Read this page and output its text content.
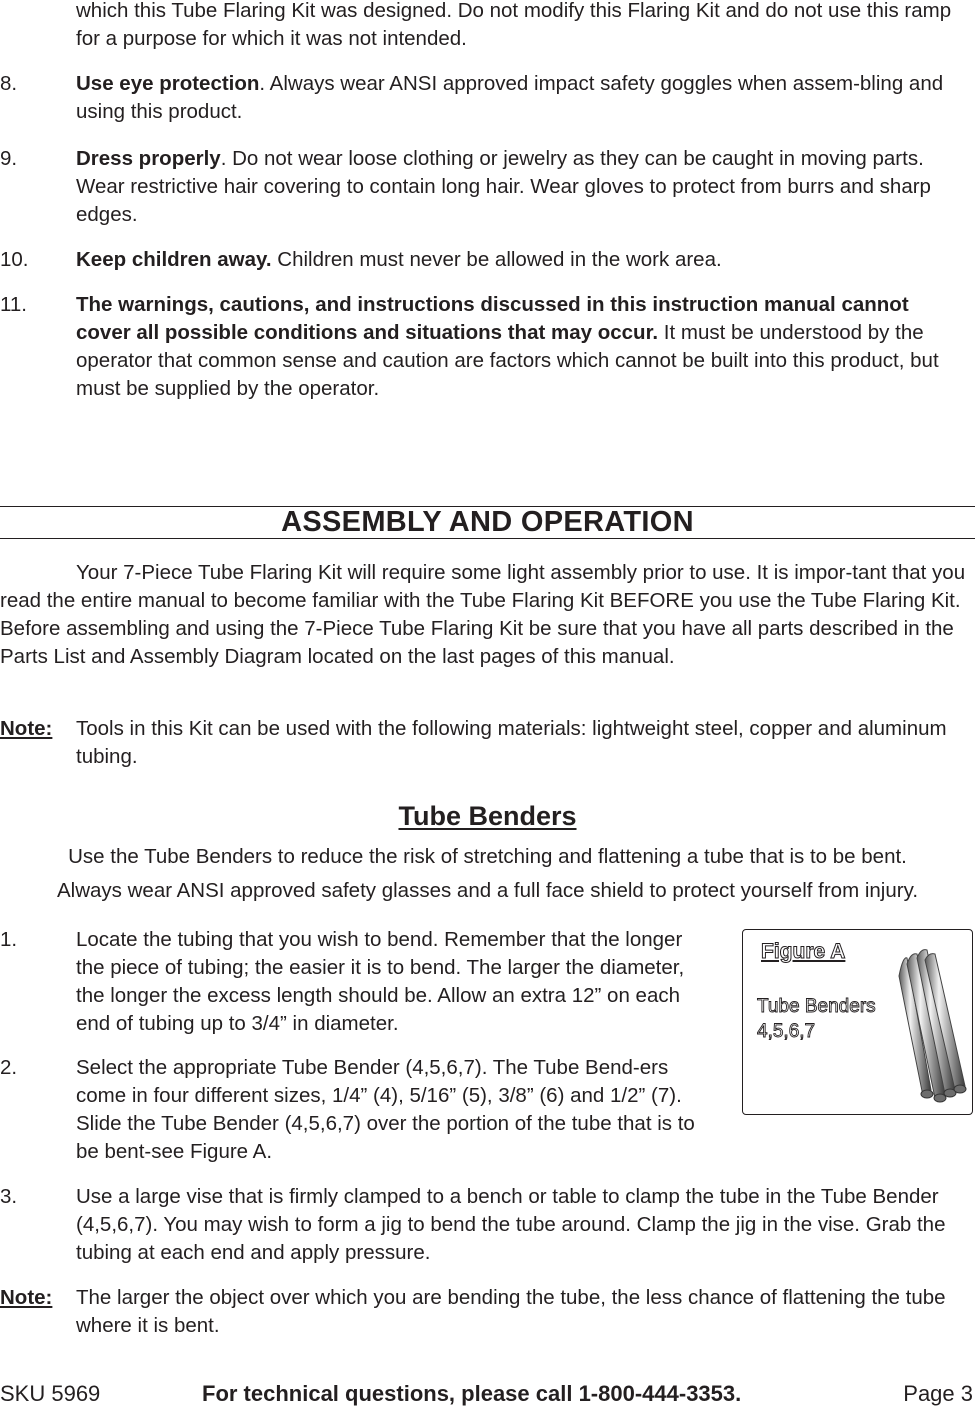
which this Tube Flaring Kit was designed. Do not modify this Flaring Kit and do not use this ramp for a purpose for which it was not intended.
8.	Use eye protection. Always wear ANSI approved impact safety goggles when assem-bling and using this product.
9.	Dress properly. Do not wear loose clothing or jewelry as they can be caught in moving parts. Wear restrictive hair covering to contain long hair. Wear gloves to protect from burrs and sharp edges.
10.	Keep children away. Children must never be allowed in the work area.
11.	The warnings, cautions, and instructions discussed in this instruction manual cannot cover all possible conditions and situations that may occur. It must be understood by the operator that common sense and caution are factors which cannot be built into this product, but must be supplied by the operator.
ASSEMBLY AND OPERATION
Your 7-Piece Tube Flaring Kit will require some light assembly prior to use. It is impor-tant that you read the entire manual to become familiar with the Tube Flaring Kit BEFORE you use the Tube Flaring Kit. Before assembling and using the 7-Piece Tube Flaring Kit be sure that you have all parts described in the Parts List and Assembly Diagram located on the last pages of this manual.
Note: Tools in this Kit can be used with the following materials: lightweight steel, copper and aluminum tubing.
Tube Benders
Use the Tube Benders to reduce the risk of stretching and flattening a tube that is to be bent.
Always wear ANSI approved safety glasses and a full face shield to protect yourself from injury.
1.	Locate the tubing that you wish to bend. Remember that the longer the piece of tubing; the easier it is to bend. The larger the diameter, the longer the excess length should be. Allow an extra 12” on each end of tubing up to 3/4” in diameter.
2.	Select the appropriate Tube Bender (4,5,6,7). The Tube Bend-ers come in four different sizes, 1/4” (4), 5/16” (5), 3/8” (6) and 1/2” (7). Slide the Tube Bender (4,5,6,7) over the portion of the tube that is to be bent-see Figure A.
3.	Use a large vise that is firmly clamped to a bench or table to clamp the tube in the Tube Bender (4,5,6,7). You may wish to form a jig to bend the tube around. Clamp the jig in the vise. Grab the tubing at each end and apply pressure.
Figure A
Tube Benders
4,5,6,7
Note: The larger the object over which you are bending the tube, the less chance of flattening the tube where it is bent.
SKU 5969	For technical questions, please call 1-800-444-3353.	Page 3
